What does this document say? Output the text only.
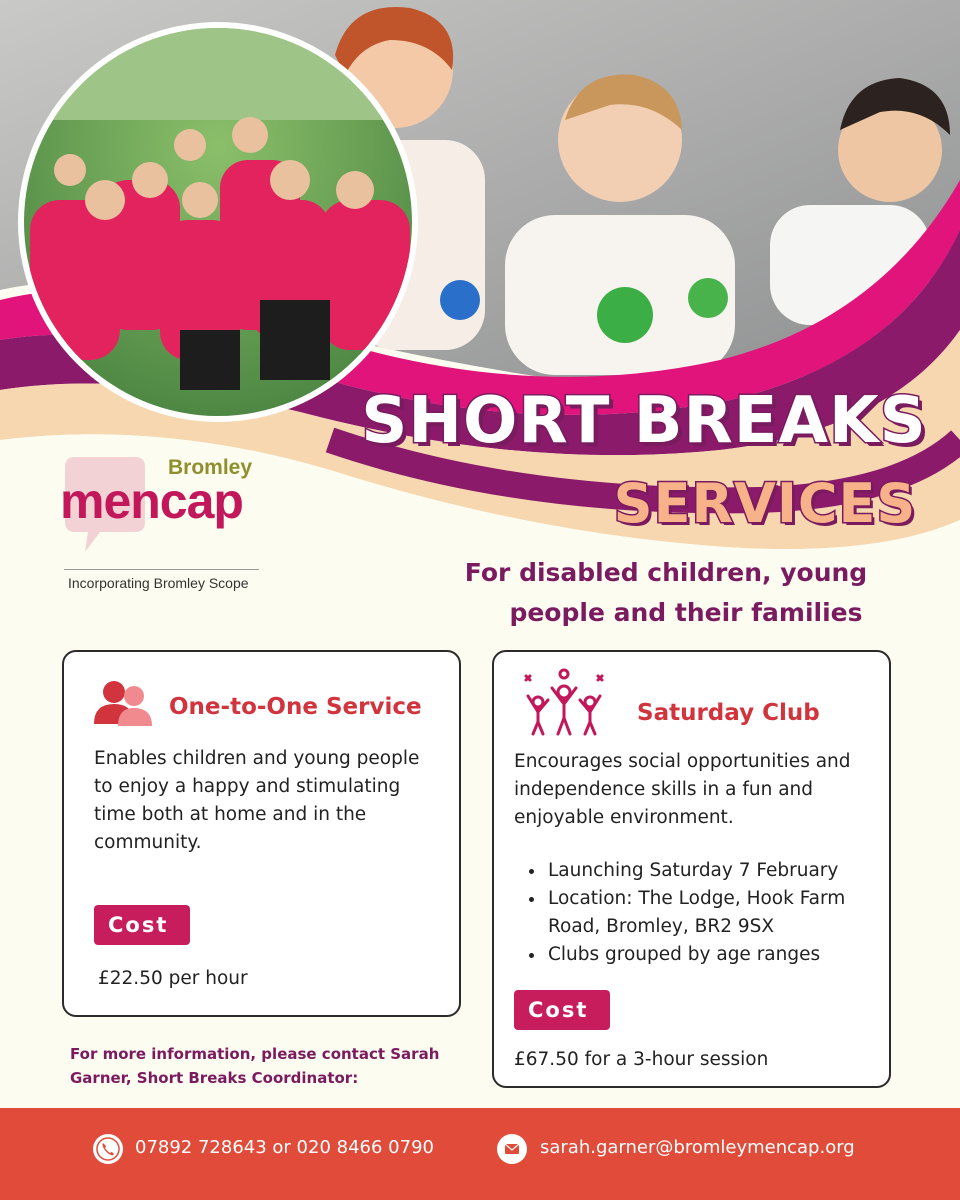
SHORT BREAKS
SERVICES
Bromley
mencap
Incorporating Bromley Scope	For disabled children, young
people and their families
One-to-One Service
Enables children and young people to enjoy a happy and stimulating time both at home and in the community.
Cost
£22.50 per hour
Saturday Club
Encourages social opportunities and independence skills in a fun and enjoyable environment.
Launching Saturday 7 February
Location: The Lodge, Hook Farm Road, Bromley, BR2 9SX
Clubs grouped by age ranges
Cost
£67.50 for a 3-hour session
For more information, please contact Sarah Garner, Short Breaks Coordinator:
07892 728643 or 020 8466 0790	sarah.garner@bromleymencap.org
